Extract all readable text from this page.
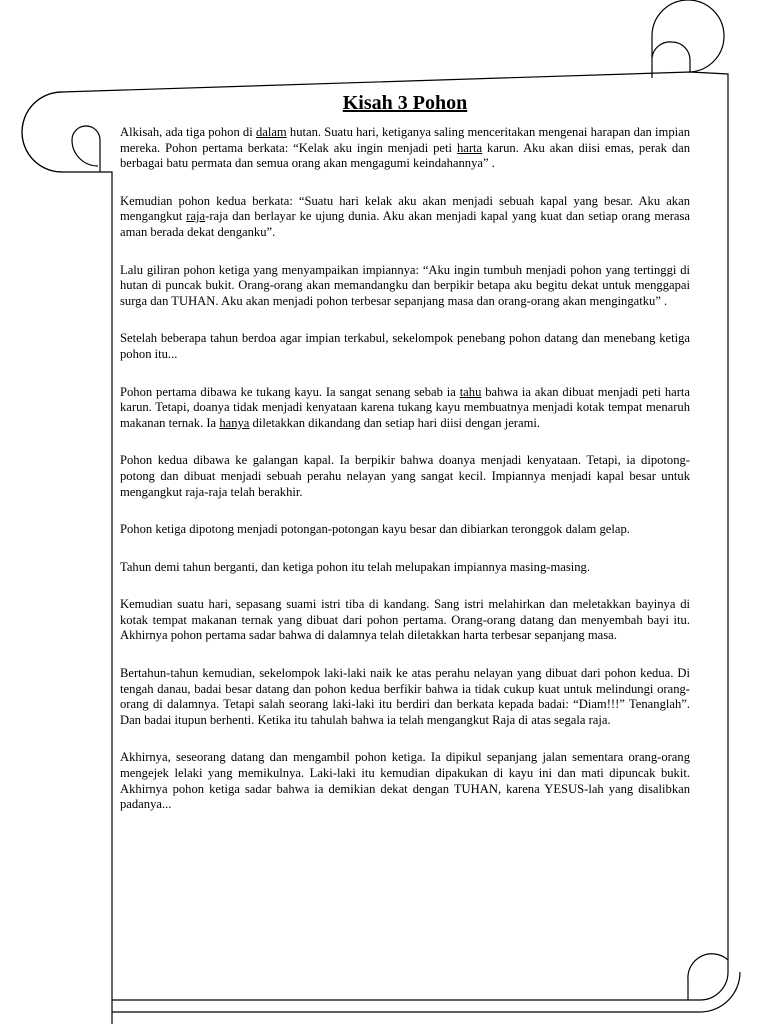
Kisah 3 Pohon

Alkisah, ada tiga pohon di dalam hutan. Suatu hari, ketiganya saling menceritakan mengenai harapan dan impian mereka. Pohon pertama berkata: “Kelak aku ingin menjadi peti harta karun. Aku akan diisi emas, perak dan berbagai batu permata dan semua orang akan mengagumi keindahannya” .

Kemudian pohon kedua berkata: “Suatu hari kelak aku akan menjadi sebuah kapal yang besar. Aku akan mengangkut raja-raja dan berlayar ke ujung dunia. Aku akan menjadi kapal yang kuat dan setiap orang merasa aman berada dekat denganku”.

Lalu giliran pohon ketiga yang menyampaikan impiannya: “Aku ingin tumbuh menjadi pohon yang tertinggi di hutan di puncak bukit. Orang-orang akan memandangku dan berpikir betapa aku begitu dekat untuk menggapai surga dan TUHAN. Aku akan menjadi pohon terbesar sepanjang masa dan orang-orang akan mengingatku” .

Setelah beberapa tahun berdoa agar impian terkabul, sekelompok penebang pohon datang dan menebang ketiga pohon itu...

Pohon pertama dibawa ke tukang kayu. Ia sangat senang sebab ia tahu bahwa ia akan dibuat menjadi peti harta karun. Tetapi, doanya tidak menjadi kenyataan karena tukang kayu membuatnya menjadi kotak tempat menaruh makanan ternak. Ia hanya diletakkan dikandang dan setiap hari diisi dengan jerami.

Pohon kedua dibawa ke galangan kapal. Ia berpikir bahwa doanya menjadi kenyataan. Tetapi, ia dipotong-potong dan dibuat menjadi sebuah perahu nelayan yang sangat kecil. Impiannya menjadi kapal besar untuk mengangkut raja-raja telah berakhir.

Pohon ketiga dipotong menjadi potongan-potongan kayu besar dan dibiarkan teronggok dalam gelap.

Tahun demi tahun berganti, dan ketiga pohon itu telah melupakan impiannya masing-masing.

Kemudian suatu hari, sepasang suami istri tiba di kandang. Sang istri melahirkan dan meletakkan bayinya di kotak tempat makanan ternak yang dibuat dari pohon pertama. Orang-orang datang dan menyembah bayi itu. Akhirnya pohon pertama sadar bahwa di dalamnya telah diletakkan harta terbesar sepanjang masa.

Bertahun-tahun kemudian, sekelompok laki-laki naik ke atas perahu nelayan yang dibuat dari pohon kedua. Di tengah danau, badai besar datang dan pohon kedua berfikir bahwa ia tidak cukup kuat untuk melindungi orang-orang di dalamnya. Tetapi salah seorang laki-laki itu berdiri dan berkata kepada badai: “Diam!!!” Tenanglah”. Dan badai itupun berhenti. Ketika itu tahulah bahwa ia telah mengangkut Raja di atas segala raja.

Akhirnya, seseorang datang dan mengambil pohon ketiga. Ia dipikul sepanjang jalan sementara orang-orang mengejek lelaki yang memikulnya. Laki-laki itu kemudian dipakukan di kayu ini dan mati dipuncak bukit. Akhirnya pohon ketiga sadar bahwa ia demikian dekat dengan TUHAN, karena YESUS-lah yang disalibkan padanya...
